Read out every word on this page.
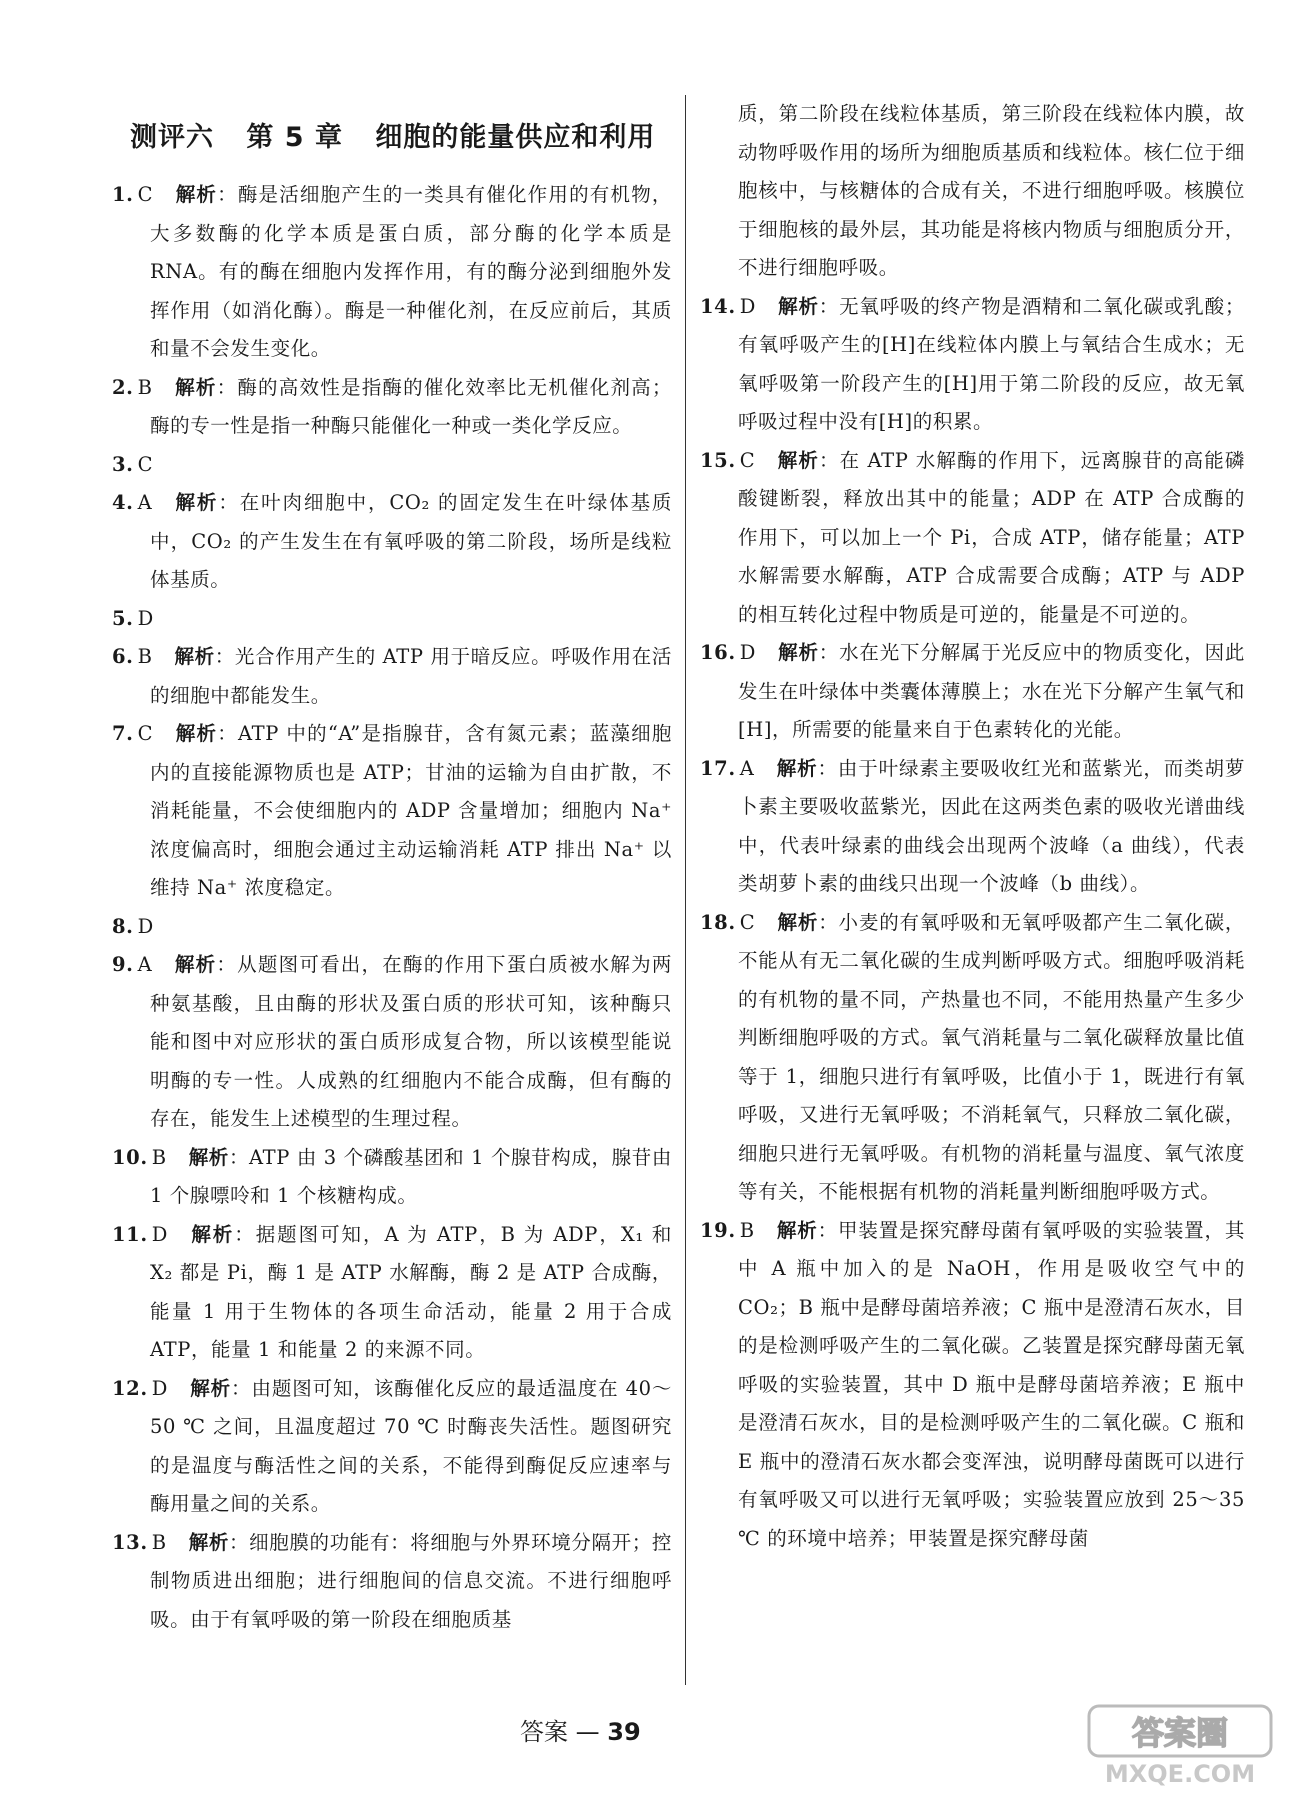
测评六 第 5 章 细胞的能量供应和利用

1. C 解析：酶是活细胞产生的一类具有催化作用的有机物，大多数酶的化学本质是蛋白质，部分酶的化学本质是 RNA。有的酶在细胞内发挥作用，有的酶分泌到细胞外发挥作用（如消化酶）。酶是一种催化剂，在反应前后，其质和量不会发生变化。

2. B 解析：酶的高效性是指酶的催化效率比无机催化剂高；酶的专一性是指一种酶只能催化一种或一类化学反应。

3. C

4. A 解析：在叶肉细胞中，CO₂ 的固定发生在叶绿体基质中，CO₂ 的产生发生在有氧呼吸的第二阶段，场所是线粒体基质。

5. D

6. B 解析：光合作用产生的 ATP 用于暗反应。呼吸作用在活的细胞中都能发生。

7. C 解析：ATP 中的“A”是指腺苷，含有氮元素；蓝藻细胞内的直接能源物质也是 ATP；甘油的运输为自由扩散，不消耗能量，不会使细胞内的 ADP 含量增加；细胞内 Na⁺ 浓度偏高时，细胞会通过主动运输消耗 ATP 排出 Na⁺ 以维持 Na⁺ 浓度稳定。

8. D

9. A 解析：从题图可看出，在酶的作用下蛋白质被水解为两种氨基酸，且由酶的形状及蛋白质的形状可知，该种酶只能和图中对应形状的蛋白质形成复合物，所以该模型能说明酶的专一性。人成熟的红细胞内不能合成酶，但有酶的存在，能发生上述模型的生理过程。

10. B 解析：ATP 由 3 个磷酸基团和 1 个腺苷构成，腺苷由 1 个腺嘌呤和 1 个核糖构成。

11. D 解析：据题图可知，A 为 ATP，B 为 ADP，X₁ 和 X₂ 都是 Pi，酶 1 是 ATP 水解酶，酶 2 是 ATP 合成酶，能量 1 用于生物体的各项生命活动，能量 2 用于合成 ATP，能量 1 和能量 2 的来源不同。

12. D 解析：由题图可知，该酶催化反应的最适温度在 40～50 ℃ 之间，且温度超过 70 ℃ 时酶丧失活性。题图研究的是温度与酶活性之间的关系，不能得到酶促反应速率与酶用量之间的关系。

13. B 解析：细胞膜的功能有：将细胞与外界环境分隔开；控制物质进出细胞；进行细胞间的信息交流。不进行细胞呼吸。由于有氧呼吸的第一阶段在细胞质基

质，第二阶段在线粒体基质，第三阶段在线粒体内膜，故动物呼吸作用的场所为细胞质基质和线粒体。核仁位于细胞核中，与核糖体的合成有关，不进行细胞呼吸。核膜位于细胞核的最外层，其功能是将核内物质与细胞质分开，不进行细胞呼吸。

14. D 解析：无氧呼吸的终产物是酒精和二氧化碳或乳酸；有氧呼吸产生的[H]在线粒体内膜上与氧结合生成水；无氧呼吸第一阶段产生的[H]用于第二阶段的反应，故无氧呼吸过程中没有[H]的积累。

15. C 解析：在 ATP 水解酶的作用下，远离腺苷的高能磷酸键断裂，释放出其中的能量；ADP 在 ATP 合成酶的作用下，可以加上一个 Pi，合成 ATP，储存能量；ATP 水解需要水解酶，ATP 合成需要合成酶；ATP 与 ADP 的相互转化过程中物质是可逆的，能量是不可逆的。

16. D 解析：水在光下分解属于光反应中的物质变化，因此发生在叶绿体中类囊体薄膜上；水在光下分解产生氧气和[H]，所需要的能量来自于色素转化的光能。

17. A 解析：由于叶绿素主要吸收红光和蓝紫光，而类胡萝卜素主要吸收蓝紫光，因此在这两类色素的吸收光谱曲线中，代表叶绿素的曲线会出现两个波峰（a 曲线），代表类胡萝卜素的曲线只出现一个波峰（b 曲线）。

18. C 解析：小麦的有氧呼吸和无氧呼吸都产生二氧化碳，不能从有无二氧化碳的生成判断呼吸方式。细胞呼吸消耗的有机物的量不同，产热量也不同，不能用热量产生多少判断细胞呼吸的方式。氧气消耗量与二氧化碳释放量比值等于 1，细胞只进行有氧呼吸，比值小于 1，既进行有氧呼吸，又进行无氧呼吸；不消耗氧气，只释放二氧化碳，细胞只进行无氧呼吸。有机物的消耗量与温度、氧气浓度等有关，不能根据有机物的消耗量判断细胞呼吸方式。

19. B 解析：甲装置是探究酵母菌有氧呼吸的实验装置，其中 A 瓶中加入的是 NaOH，作用是吸收空气中的 CO₂；B 瓶中是酵母菌培养液；C 瓶中是澄清石灰水，目的是检测呼吸产生的二氧化碳。乙装置是探究酵母菌无氧呼吸的实验装置，其中 D 瓶中是酵母菌培养液；E 瓶中是澄清石灰水，目的是检测呼吸产生的二氧化碳。C 瓶和 E 瓶中的澄清石灰水都会变浑浊，说明酵母菌既可以进行有氧呼吸又可以进行无氧呼吸；实验装置应放到 25～35 ℃ 的环境中培养；甲装置是探究酵母菌

答案 — 39	答案圈
MXQE.COM
